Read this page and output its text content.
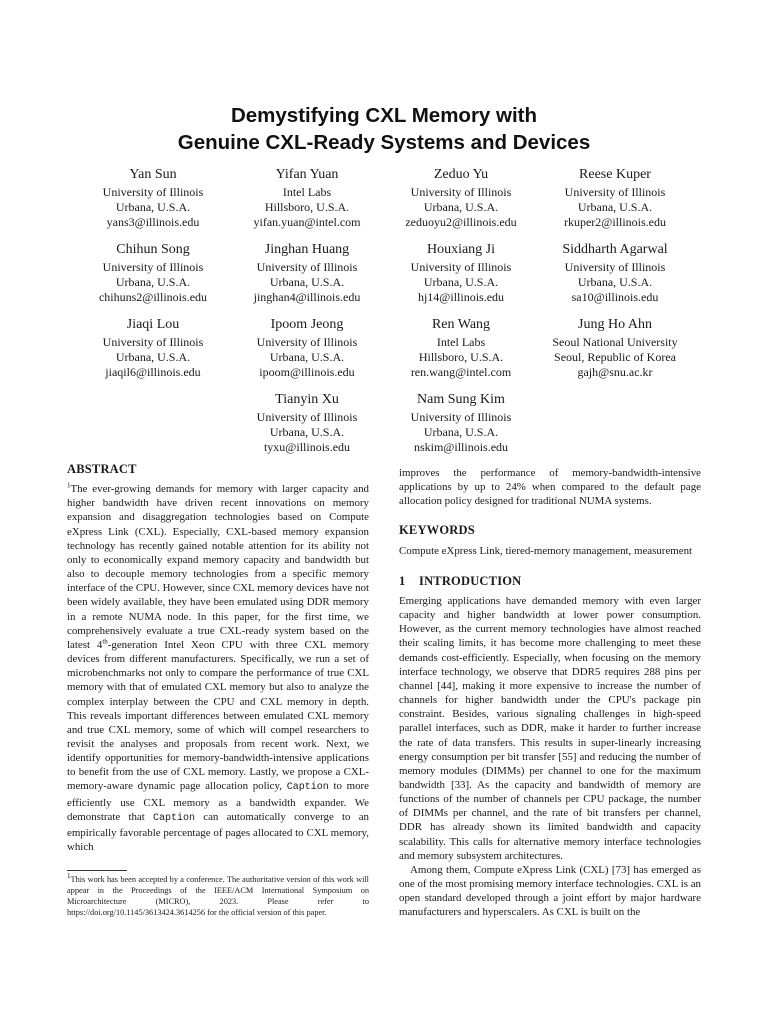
Demystifying CXL Memory with
Genuine CXL-Ready Systems and Devices
Yan Sun
University of Illinois
Urbana, U.S.A.
yans3@illinois.edu
Yifan Yuan
Intel Labs
Hillsboro, U.S.A.
yifan.yuan@intel.com
Zeduo Yu
University of Illinois
Urbana, U.S.A.
zeduoyu2@illinois.edu
Reese Kuper
University of Illinois
Urbana, U.S.A.
rkuper2@illinois.edu
Chihun Song
University of Illinois
Urbana, U.S.A.
chihuns2@illinois.edu
Jinghan Huang
University of Illinois
Urbana, U.S.A.
jinghan4@illinois.edu
Houxiang Ji
University of Illinois
Urbana, U.S.A.
hj14@illinois.edu
Siddharth Agarwal
University of Illinois
Urbana, U.S.A.
sa10@illinois.edu
Jiaqi Lou
University of Illinois
Urbana, U.S.A.
jiaqil6@illinois.edu
Ipoom Jeong
University of Illinois
Urbana, U.S.A.
ipoom@illinois.edu
Ren Wang
Intel Labs
Hillsboro, U.S.A.
ren.wang@intel.com
Jung Ho Ahn
Seoul National University
Seoul, Republic of Korea
gajh@snu.ac.kr
Tianyin Xu
University of Illinois
Urbana, U.S.A.
tyxu@illinois.edu
Nam Sung Kim
University of Illinois
Urbana, U.S.A.
nskim@illinois.edu
ABSTRACT

$^1$The ever-growing demands for memory with larger capacity and higher bandwidth have driven recent innovations on memory expansion and disaggregation technologies based on Compute eXpress Link (CXL). Especially, CXL-based memory expansion technology has recently gained notable attention for its ability not only to economically expand memory capacity and bandwidth but also to decouple memory technologies from a specific memory interface of the CPU. However, since CXL memory devices have not been widely available, they have been emulated using DDR memory in a remote NUMA node. In this paper, for the first time, we comprehensively evaluate a true CXL-ready system based on the latest 4th-generation Intel Xeon CPU with three CXL memory devices from different manufacturers. Specifically, we run a set of microbenchmarks not only to compare the performance of true CXL memory with that of emulated CXL memory but also to analyze the complex interplay between the CPU and CXL memory in depth. This reveals important differences between emulated CXL memory and true CXL memory, some of which will compel researchers to revisit the analyses and proposals from recent work. Next, we identify opportunities for memory-bandwidth-intensive applications to benefit from the use of CXL memory. Lastly, we propose a CXL-memory-aware dynamic page allocation policy, Caption to more efficiently use CXL memory as a bandwidth expander. We demonstrate that Caption can automatically converge to an empirically favorable percentage of pages allocated to CXL memory, which

$^1$This work has been accepted by a conference. The authoritative version of this work will appear in the Proceedings of the IEEE/ACM International Symposium on Microarchitecture (MICRO), 2023. Please refer to https://doi.org/10.1145/3613424.3614256 for the official version of this paper.

improves the performance of memory-bandwidth-intensive applications by up to 24% when compared to the default page allocation policy designed for traditional NUMA systems.

KEYWORDS

Compute eXpress Link, tiered-memory management, measurement

1 INTRODUCTION

Emerging applications have demanded memory with even larger capacity and higher bandwidth at lower power consumption. However, as the current memory technologies have almost reached their scaling limits, it has become more challenging to meet these demands cost-efficiently. Especially, when focusing on the memory interface technology, we observe that DDR5 requires 288 pins per channel [44], making it more expensive to increase the number of channels for higher bandwidth under the CPU's package pin constraint. Besides, various signaling challenges in high-speed parallel interfaces, such as DDR, make it harder to further increase the rate of data transfers. This results in super-linearly increasing energy consumption per bit transfer [55] and reducing the number of memory modules (DIMMs) per channel to one for the maximum bandwidth [33]. As the capacity and bandwidth of memory are functions of the number of channels per CPU package, the number of DIMMs per channel, and the rate of bit transfers per channel, DDR has already shown its limited bandwidth and capacity scalability. This calls for alternative memory interface technologies and memory subsystem architectures.

Among them, Compute eXpress Link (CXL) [73] has emerged as one of the most promising memory interface technologies. CXL is an open standard developed through a joint effort by major hardware manufacturers and hyperscalers. As CXL is built on the
